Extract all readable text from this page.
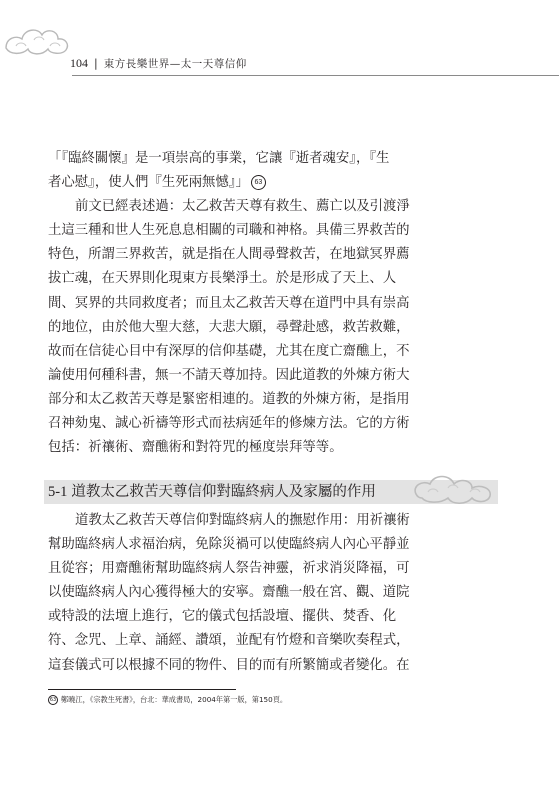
104 | 東方長樂世界—太一天尊信仰

「『臨終關懷』是一項崇高的事業，它讓『逝者魂安』，『生

者心慰』，使人們『生死兩無憾』」 63

前文已經表述過：太乙救苦天尊有救生、薦亡以及引渡淨

土這三種和世人生死息息相關的司職和神格。具備三界救苦的

特色，所謂三界救苦，就是指在人間尋聲救苦，在地獄冥界薦

拔亡魂，在天界則化現東方長樂淨土。於是形成了天上、人

間、冥界的共同救度者；而且太乙救苦天尊在道門中具有崇高

的地位，由於他大聖大慈，大悲大願，尋聲赴感，救苦救難，

故而在信徒心目中有深厚的信仰基礎，尤其在度亡齋醮上，不

論使用何種科書，無一不請天尊加持。因此道教的外煉方術大

部分和太乙救苦天尊是緊密相連的。道教的外煉方術，是指用

召神劾鬼、誠心祈禱等形式而祛病延年的修煉方法。它的方術

包括：祈禳術、齋醮術和對符咒的極度崇拜等等。

5-1 道教太乙救苦天尊信仰對臨終病人及家屬的作用

道教太乙救苦天尊信仰對臨終病人的撫慰作用：用祈禳術

幫助臨終病人求福治病，免除災禍可以使臨終病人內心平靜並

且從容；用齋醮術幫助臨終病人祭告神靈，祈求消災降福，可

以使臨終病人內心獲得極大的安寧。齋醮一般在宮、觀、道院

或特設的法壇上進行，它的儀式包括設壇、擺供、焚香、化

符、念咒、上章、誦經、讚頌，並配有竹燈和音樂吹奏程式，

這套儀式可以根據不同的物件、目的而有所繁簡或者變化。在

63 鄭曉江，《宗教生死書》，台北：華成書局，2004年第一版，第150頁。
